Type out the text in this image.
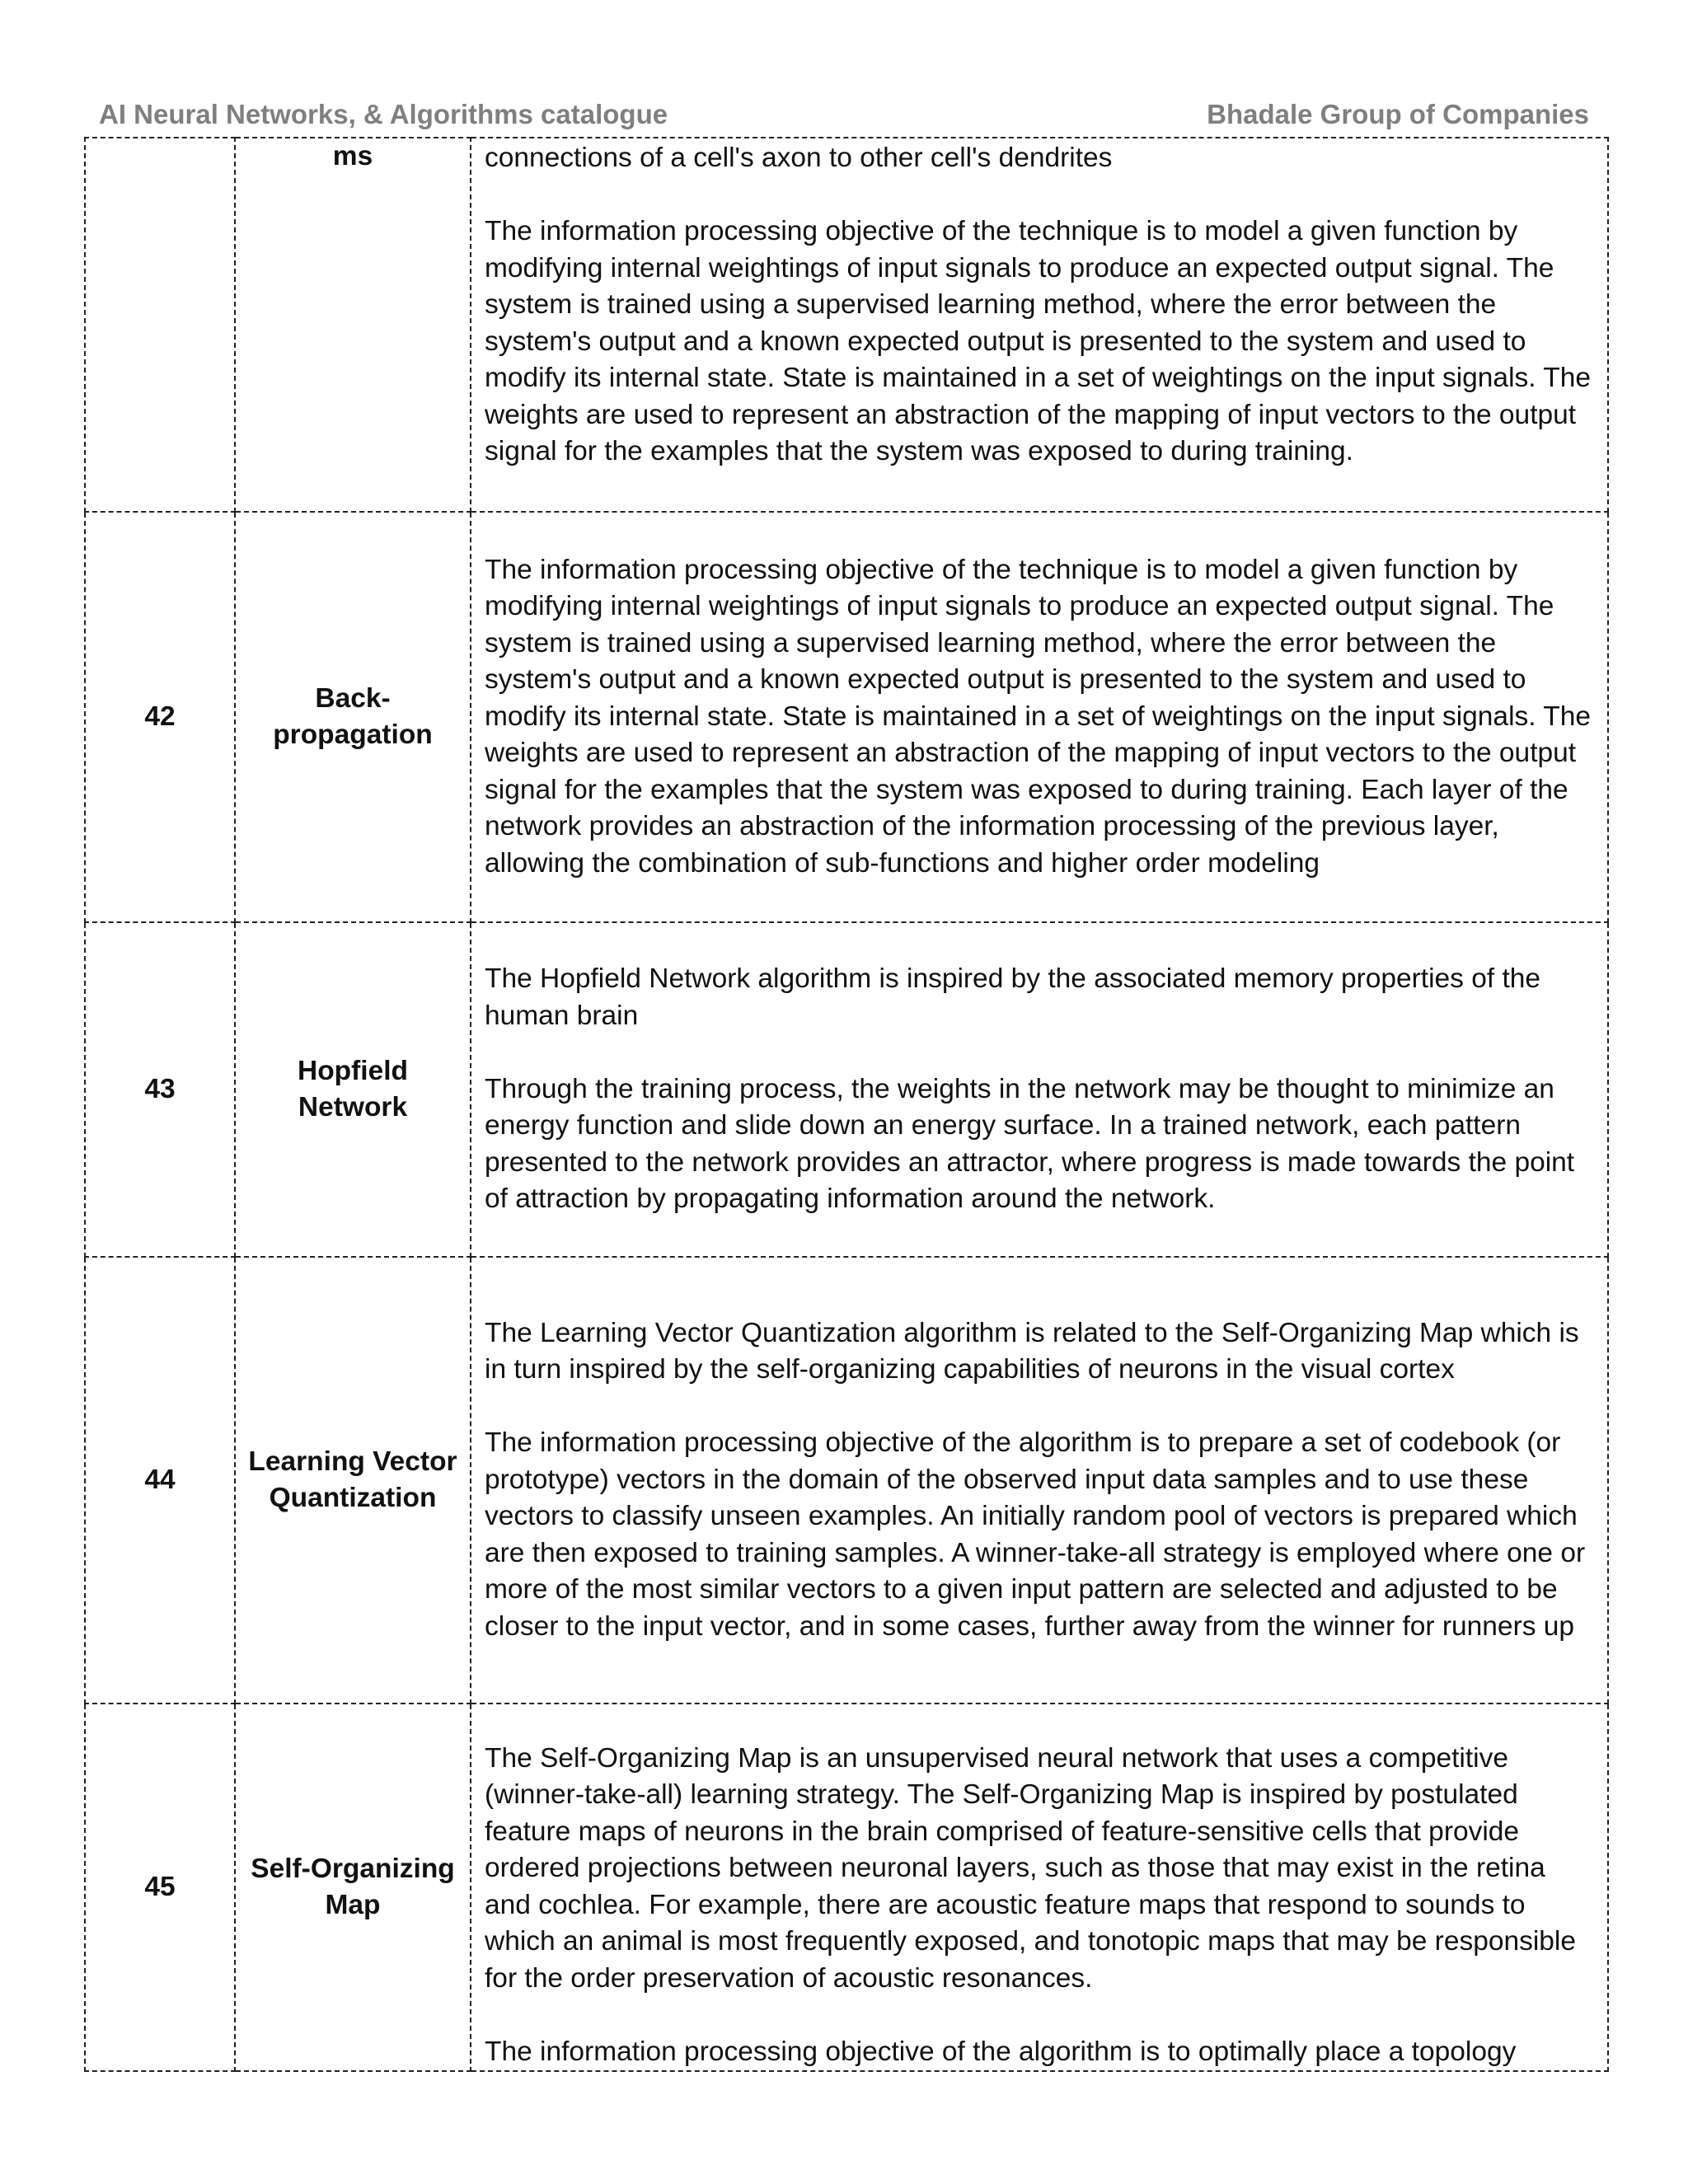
AI Neural Networks, & Algorithms catalogue	Bhadale Group of Companies
	ms	connections of a cell's axon to other cell's dendrites

The information processing objective of the technique is to model a given function by modifying internal weightings of input signals to produce an expected output signal. The system is trained using a supervised learning method, where the error between the system's output and a known expected output is presented to the system and used to modify its internal state. State is maintained in a set of weightings on the input signals. The weights are used to represent an abstraction of the mapping of input vectors to the output signal for the examples that the system was exposed to during training.

42	Back-propagation	The information processing objective of the technique is to model a given function by modifying internal weightings of input signals to produce an expected output signal. The system is trained using a supervised learning method, where the error between the system's output and a known expected output is presented to the system and used to modify its internal state. State is maintained in a set of weightings on the input signals. The weights are used to represent an abstraction of the mapping of input vectors to the output signal for the examples that the system was exposed to during training. Each layer of the network provides an abstraction of the information processing of the previous layer, allowing the combination of sub-functions and higher order modeling

43	Hopfield Network	The Hopfield Network algorithm is inspired by the associated memory properties of the human brain

Through the training process, the weights in the network may be thought to minimize an energy function and slide down an energy surface. In a trained network, each pattern presented to the network provides an attractor, where progress is made towards the point of attraction by propagating information around the network.

44	Learning Vector Quantization	The Learning Vector Quantization algorithm is related to the Self-Organizing Map which is in turn inspired by the self-organizing capabilities of neurons in the visual cortex

The information processing objective of the algorithm is to prepare a set of codebook (or prototype) vectors in the domain of the observed input data samples and to use these vectors to classify unseen examples. An initially random pool of vectors is prepared which are then exposed to training samples. A winner-take-all strategy is employed where one or more of the most similar vectors to a given input pattern are selected and adjusted to be closer to the input vector, and in some cases, further away from the winner for runners up

45	Self-Organizing Map	The Self-Organizing Map is an unsupervised neural network that uses a competitive (winner-take-all) learning strategy. The Self-Organizing Map is inspired by postulated feature maps of neurons in the brain comprised of feature-sensitive cells that provide ordered projections between neuronal layers, such as those that may exist in the retina and cochlea. For example, there are acoustic feature maps that respond to sounds to which an animal is most frequently exposed, and tonotopic maps that may be responsible for the order preservation of acoustic resonances.

The information processing objective of the algorithm is to optimally place a topology
